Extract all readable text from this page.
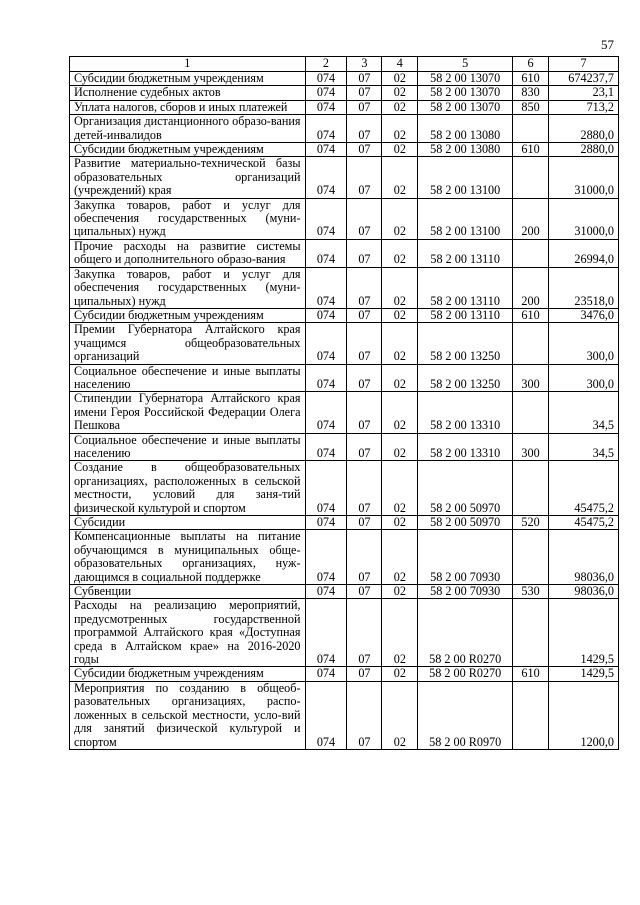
57
1	2	3	4	5	6	7
Субсидии бюджетным учреждениям	074	07	02	58 2 00 13070	610	674237,7
Исполнение судебных актов	074	07	02	58 2 00 13070	830	23,1
Уплата налогов, сборов и иных платежей	074	07	02	58 2 00 13070	850	713,2
Организация дистанционного образо-вания детей-инвалидов	074	07	02	58 2 00 13080		2880,0
Субсидии бюджетным учреждениям	074	07	02	58 2 00 13080	610	2880,0
Развитие материально-технической базы образовательных организаций (учреждений) края	074	07	02	58 2 00 13100		31000,0
Закупка товаров, работ и услуг для обеспечения государственных (муни-ципальных) нужд	074	07	02	58 2 00 13100	200	31000,0
Прочие расходы на развитие системы общего и дополнительного образо-вания	074	07	02	58 2 00 13110		26994,0
Закупка товаров, работ и услуг для обеспечения государственных (муни-ципальных) нужд	074	07	02	58 2 00 13110	200	23518,0
Субсидии бюджетным учреждениям	074	07	02	58 2 00 13110	610	3476,0
Премии Губернатора Алтайского края учащимся общеобразовательных организаций	074	07	02	58 2 00 13250		300,0
Социальное обеспечение и иные выплаты населению	074	07	02	58 2 00 13250	300	300,0
Стипендии Губернатора Алтайского края имени Героя Российской Федерации Олега Пешкова	074	07	02	58 2 00 13310		34,5
Социальное обеспечение и иные выплаты населению	074	07	02	58 2 00 13310	300	34,5
Создание в общеобразовательных организациях, расположенных в сельской местности, условий для заня-тий физической культурой и спортом	074	07	02	58 2 00 50970		45475,2
Субсидии	074	07	02	58 2 00 50970	520	45475,2
Компенсационные выплаты на питание обучающимся в муниципальных обще-образовательных организациях, нуж-дающимся в социальной поддержке	074	07	02	58 2 00 70930		98036,0
Субвенции	074	07	02	58 2 00 70930	530	98036,0
Расходы на реализацию мероприятий, предусмотренных государственной программой Алтайского края «Доступная среда в Алтайском крае» на 2016-2020 годы	074	07	02	58 2 00 R0270		1429,5
Субсидии бюджетным учреждениям	074	07	02	58 2 00 R0270	610	1429,5
Мероприятия по созданию в общеоб-разовательных организациях, распо-ложенных в сельской местности, усло-вий для занятий физической культурой и спортом	074	07	02	58 2 00 R0970		1200,0
